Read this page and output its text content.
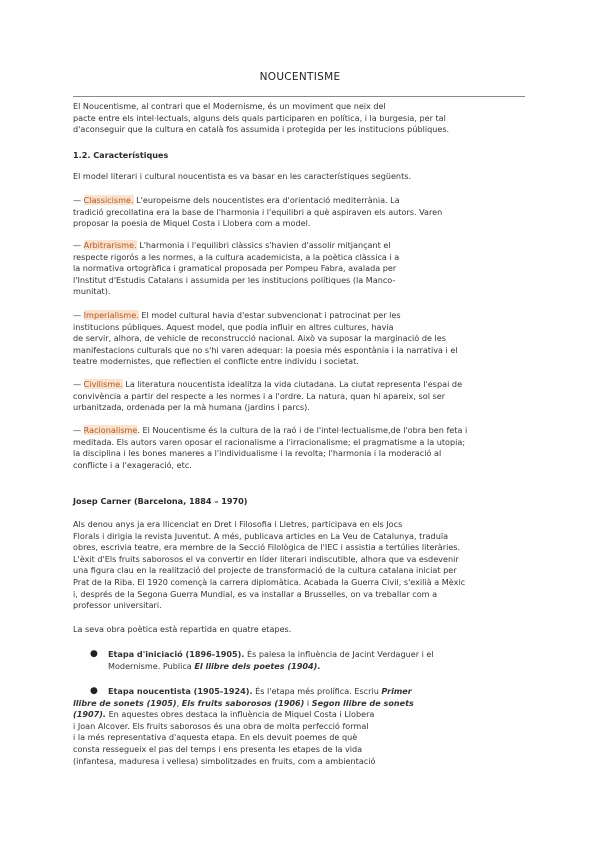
NOUCENTISME

El Noucentisme, al contrari que el Modernisme, és un moviment que neix del
pacte entre els intel·lectuals, alguns dels quals participaren en política, i la burgesia, per tal
d'aconseguir que la cultura en català fos assumida i protegida per les institucions públiques.

1.2. Característiques

El model literari i cultural noucentista es va basar en les característiques següents.

— Classicisme. L'europeisme dels noucentistes era d'orientació mediterrània. La
tradició grecollatina era la base de l'harmonia i l'equilibri a què aspiraven els autors. Varen
proposar la poesia de Miquel Costa i Llobera com a model.

— Arbitrarisme. L'harmonia i l'equilibri clàssics s'havien d'assolir mitjançant el
respecte rigorós a les normes, a la cultura academicista, a la poètica clàssica i a
la normativa ortogràfica i gramatical proposada per Pompeu Fabra, avalada per
l'Institut d'Estudis Catalans i assumida per les institucions polítiques (la Manco-
munitat).

— Imperialisme. El model cultural havia d'estar subvencionat i patrocinat per les
institucions públiques. Aquest model, que podia influir en altres cultures, havia
de servir, alhora, de vehicle de reconstrucció nacional. Això va suposar la marginació de les
manifestacions culturals que no s'hi varen adequar: la poesia més espontània i la narrativa i el
teatre modernistes, que reflectien el conflicte entre individu i societat.

— Civilisme. La literatura noucentista idealitza la vida ciutadana. La ciutat representa l'espai de
convivència a partir del respecte a les normes i a l'ordre. La natura, quan hi apareix, sol ser
urbanitzada, ordenada per la mà humana (jardins i parcs).

— Racionalisme. El Noucentisme és la cultura de la raó i de l'intel·lectualisme,de l'obra ben feta i
meditada. Els autors varen oposar el racionalisme a l'irracionalisme; el pragmatisme a la utopia;
la disciplina i les bones maneres a l'individualisme i la revolta; l'harmonia i la moderació al
conflicte i a l'exageració, etc.

Josep Carner (Barcelona, 1884 – 1970)

Als denou anys ja era llicenciat en Dret i Filosofia i Lletres, participava en els Jocs
Florals i dirigia la revista Juventut. A més, publicava articles en La Veu de Catalunya, traduïa
obres, escrivia teatre, era membre de la Secció Filològica de l'IEC i assistia a tertúlies literàries.
L'èxit d'Els fruits saborosos el va convertir en líder literari indiscutible, alhora que va esdevenir
una figura clau en la realització del projecte de transformació de la cultura catalana iniciat per
Prat de la Riba. El 1920 començà la carrera diplomàtica. Acabada la Guerra Civil, s'exilià a Mèxic
i, després de la Segona Guerra Mundial, es va installar a Brusselles, on va treballar com a
professor universitari.

La seva obra poètica està repartida en quatre etapes.

● Etapa d'iniciació (1896-1905). És palesa la influència de Jacint Verdaguer i el
Modernisme. Publica El llibre dels poetes (1904).

● Etapa noucentista (1905-1924). És l'etapa més prolífica. Escriu Primer

llibre de sonets (1905), Els fruits saborosos (1906) i Segon llibre de sonets
(1907). En aquestes obres destaca la influència de Miquel Costa i Llobera
i Joan Alcover. Els fruits saborosos és una obra de molta perfecció formal
i la més representativa d'aquesta etapa. En els devuit poemes de què
consta ressegueix el pas del temps i ens presenta les etapes de la vida
(infantesa, maduresa i vellesa) simbolitzades en fruits, com a ambientació
